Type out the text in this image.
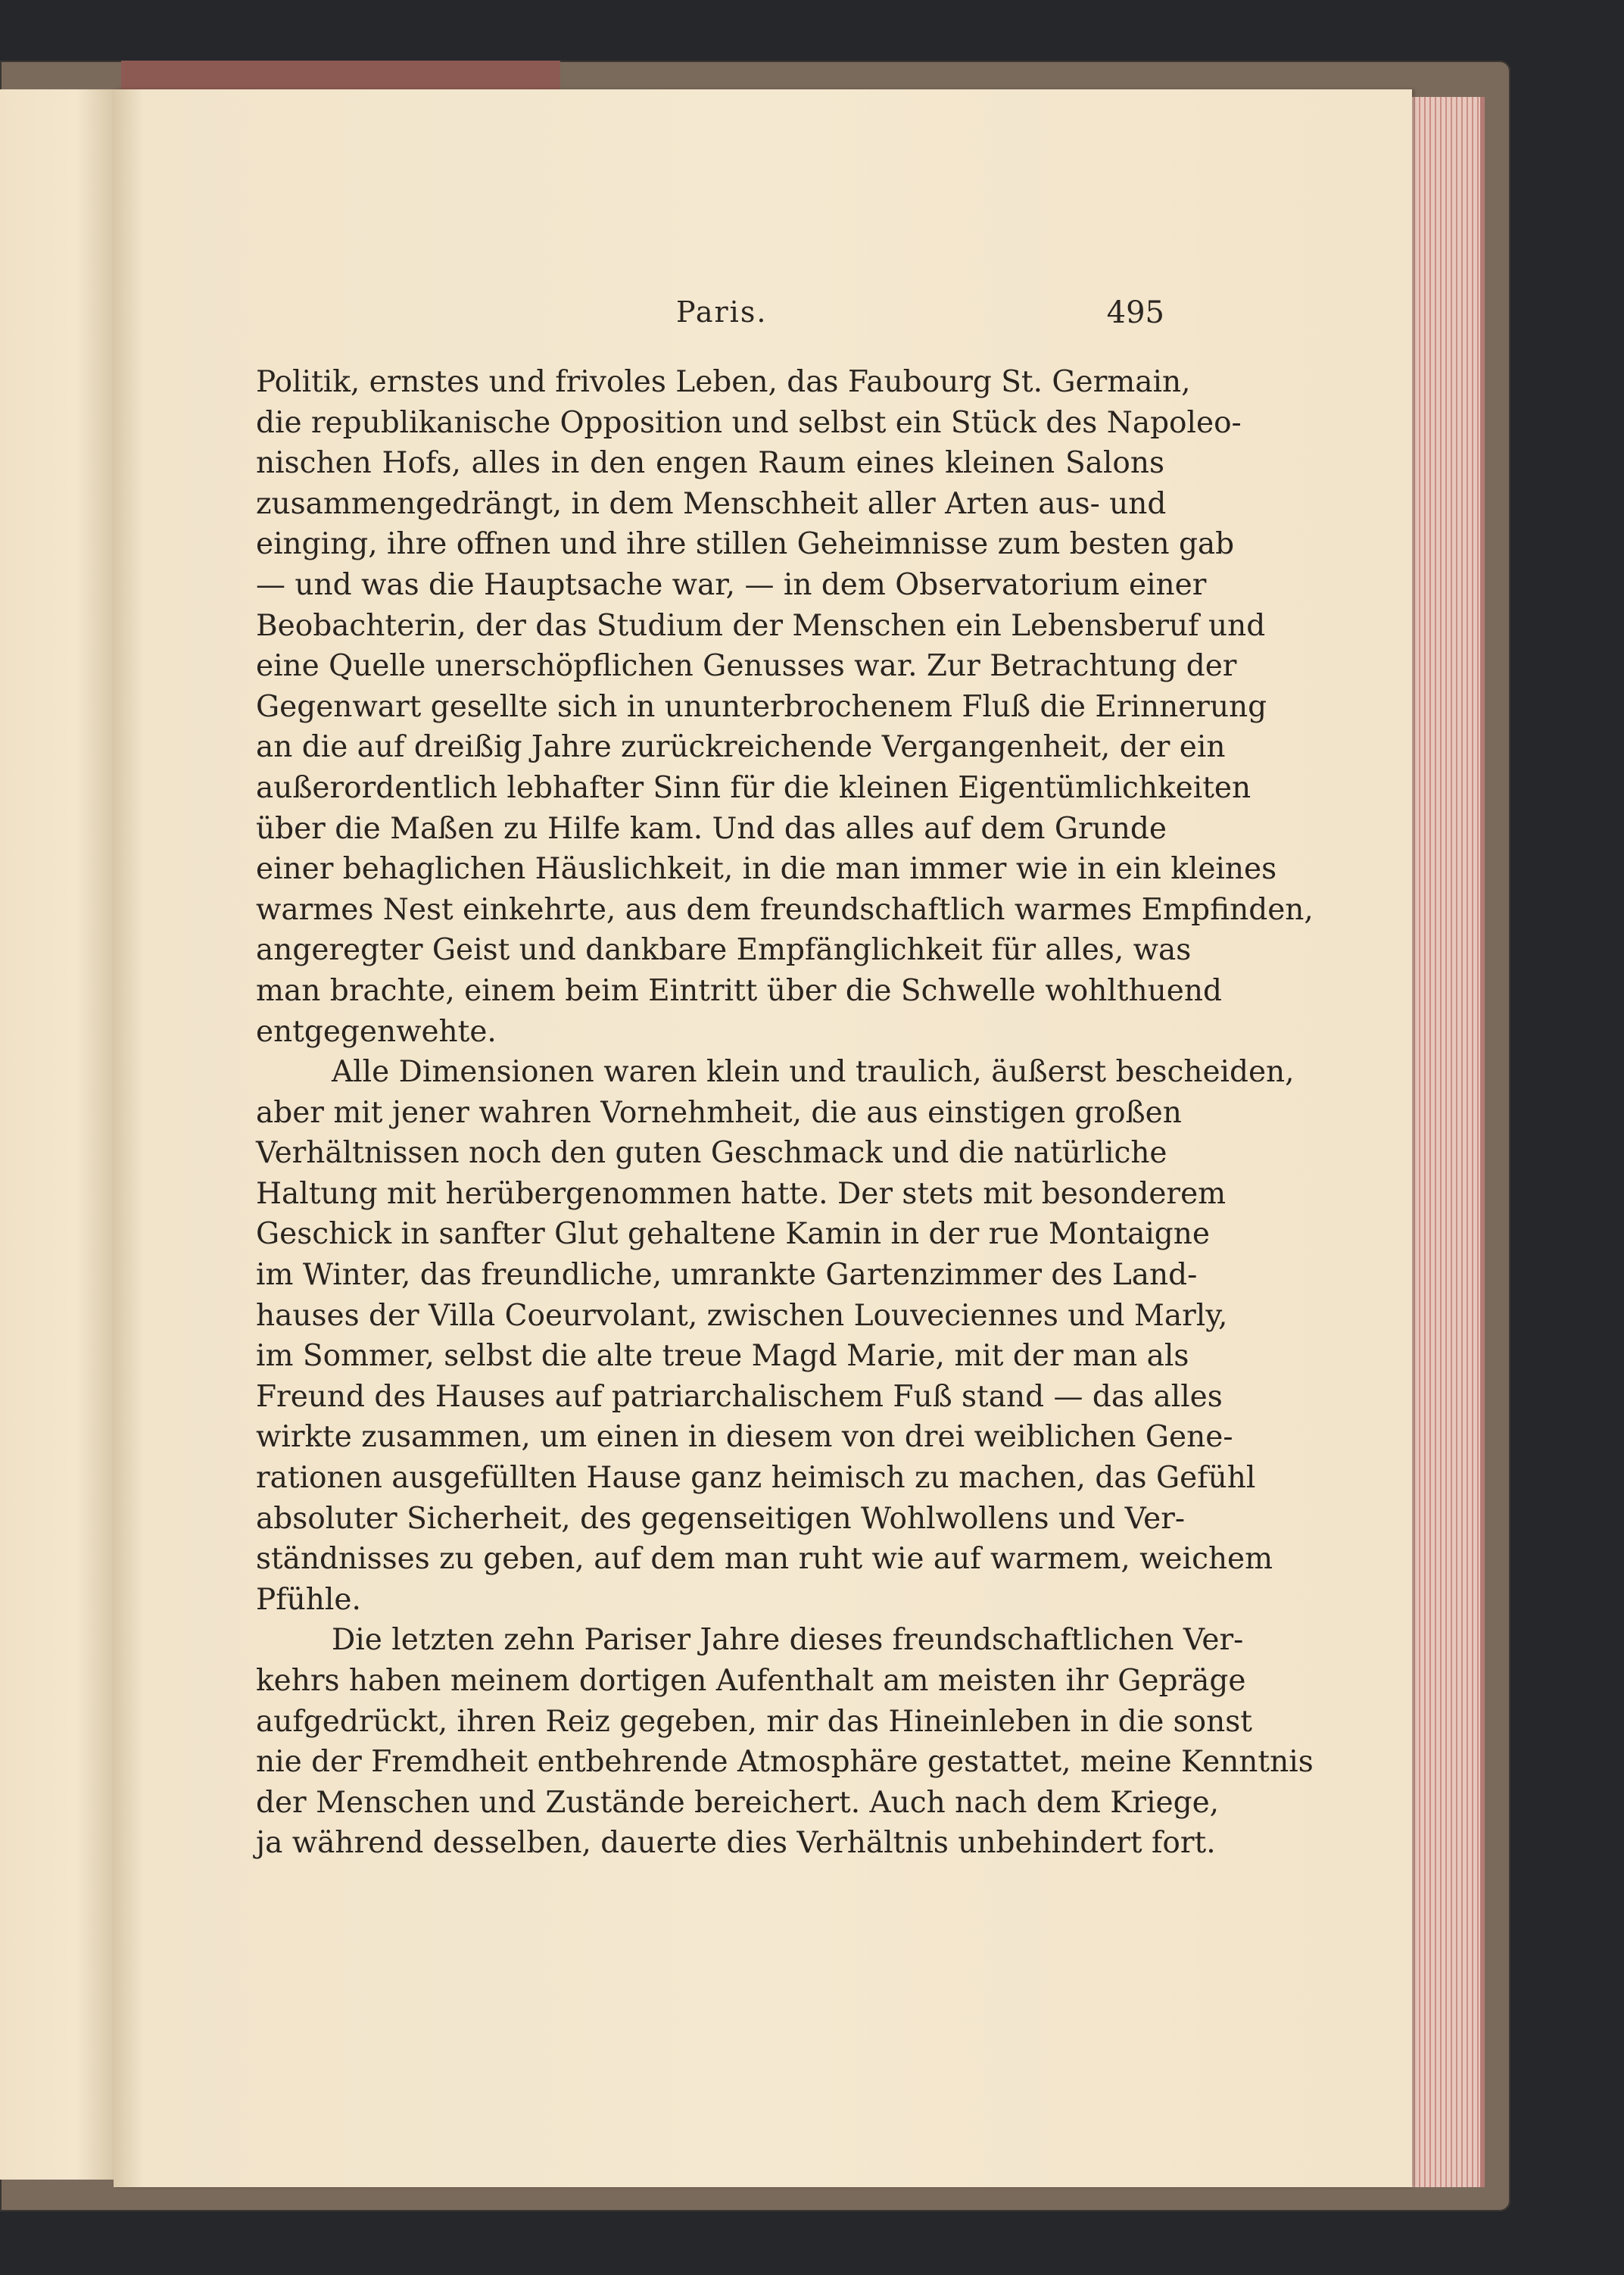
Paris.	495
Politik, ernstes und frivoles Leben, das Faubourg St. Germain,
die republikanische Opposition und selbst ein Stück des Napoleo-
nischen Hofs, alles in den engen Raum eines kleinen Salons
zusammengedrängt, in dem Menschheit aller Arten aus- und
einging, ihre offnen und ihre stillen Geheimnisse zum besten gab
— und was die Hauptsache war, — in dem Observatorium einer
Beobachterin, der das Studium der Menschen ein Lebensberuf und
eine Quelle unerschöpflichen Genusses war. Zur Betrachtung der
Gegenwart gesellte sich in ununterbrochenem Fluß die Erinnerung
an die auf dreißig Jahre zurückreichende Vergangenheit, der ein
außerordentlich lebhafter Sinn für die kleinen Eigentümlichkeiten
über die Maßen zu Hilfe kam. Und das alles auf dem Grunde
einer behaglichen Häuslichkeit, in die man immer wie in ein kleines
warmes Nest einkehrte, aus dem freundschaftlich warmes Empfinden,
angeregter Geist und dankbare Empfänglichkeit für alles, was
man brachte, einem beim Eintritt über die Schwelle wohlthuend
entgegenwehte.
Alle Dimensionen waren klein und traulich, äußerst bescheiden,
aber mit jener wahren Vornehmheit, die aus einstigen großen
Verhältnissen noch den guten Geschmack und die natürliche
Haltung mit herübergenommen hatte. Der stets mit besonderem
Geschick in sanfter Glut gehaltene Kamin in der rue Montaigne
im Winter, das freundliche, umrankte Gartenzimmer des Land-
hauses der Villa Coeurvolant, zwischen Louveciennes und Marly,
im Sommer, selbst die alte treue Magd Marie, mit der man als
Freund des Hauses auf patriarchalischem Fuß stand — das alles
wirkte zusammen, um einen in diesem von drei weiblichen Gene-
rationen ausgefüllten Hause ganz heimisch zu machen, das Gefühl
absoluter Sicherheit, des gegenseitigen Wohlwollens und Ver-
ständnisses zu geben, auf dem man ruht wie auf warmem, weichem
Pfühle.
Die letzten zehn Pariser Jahre dieses freundschaftlichen Ver-
kehrs haben meinem dortigen Aufenthalt am meisten ihr Gepräge
aufgedrückt, ihren Reiz gegeben, mir das Hineinleben in die sonst
nie der Fremdheit entbehrende Atmosphäre gestattet, meine Kenntnis
der Menschen und Zustände bereichert. Auch nach dem Kriege,
ja während desselben, dauerte dies Verhältnis unbehindert fort.
